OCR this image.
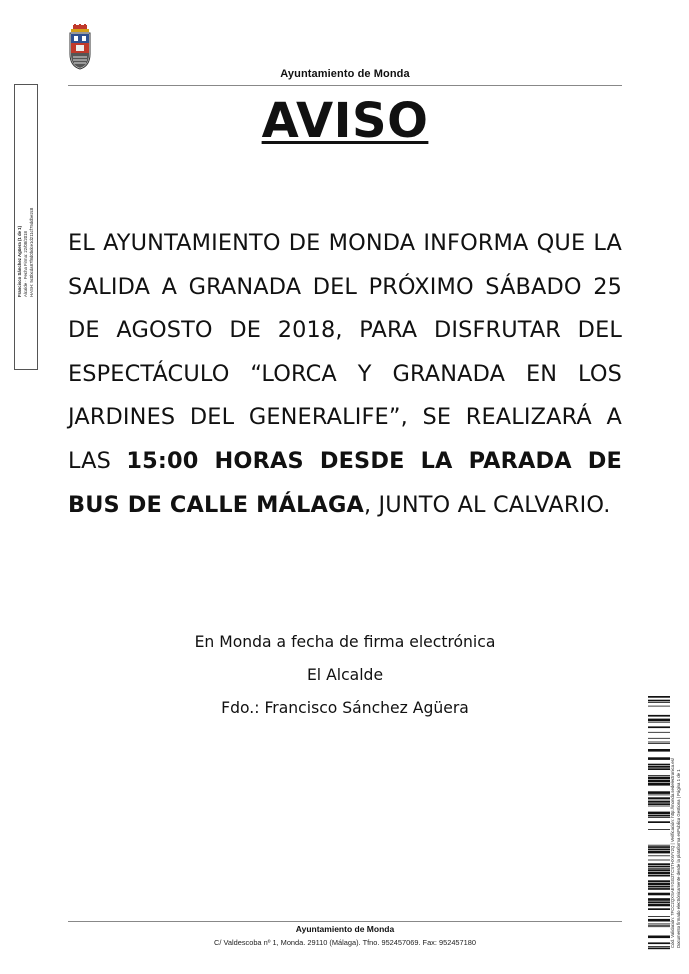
Ayuntamiento de Monda
Francisco Sánchez Agüera (1 de 1) Alcalde · Fecha Firma: 22/08/2018 HASH: 5c0bcda87f8d0bdce1d211cf75ddbe2c8
AVISO
EL AYUNTAMIENTO DE MONDA INFORMA QUE LA SALIDA A GRANADA DEL PRÓXIMO SÁBADO 25 DE AGOSTO DE 2018, PARA DISFRUTAR DEL ESPECTÁCULO “LORCA Y GRANADA EN LOS JARDINES DEL GENERALIFE”, SE REALIZARÁ A LAS 15:00 HORAS DESDE LA PARADA DE BUS DE CALLE MÁLAGA, JUNTO AL CALVARIO.
En Monda a fecha de firma electrónica
El Alcalde
Fdo.: Francisco Sánchez Agüera
Cód. Validación: 7FCC2QXSAEYGG2TCSTHXWY2Q | Verificación: http://monda.sedelectronica.es/ Documento firmado electrónicamente desde la plataforma esPublico Gestiona | Página 1 de 1
Ayuntamiento de Monda
C/ Valdescoba nº 1, Monda. 29110 (Málaga). Tfno. 952457069. Fax: 952457180
